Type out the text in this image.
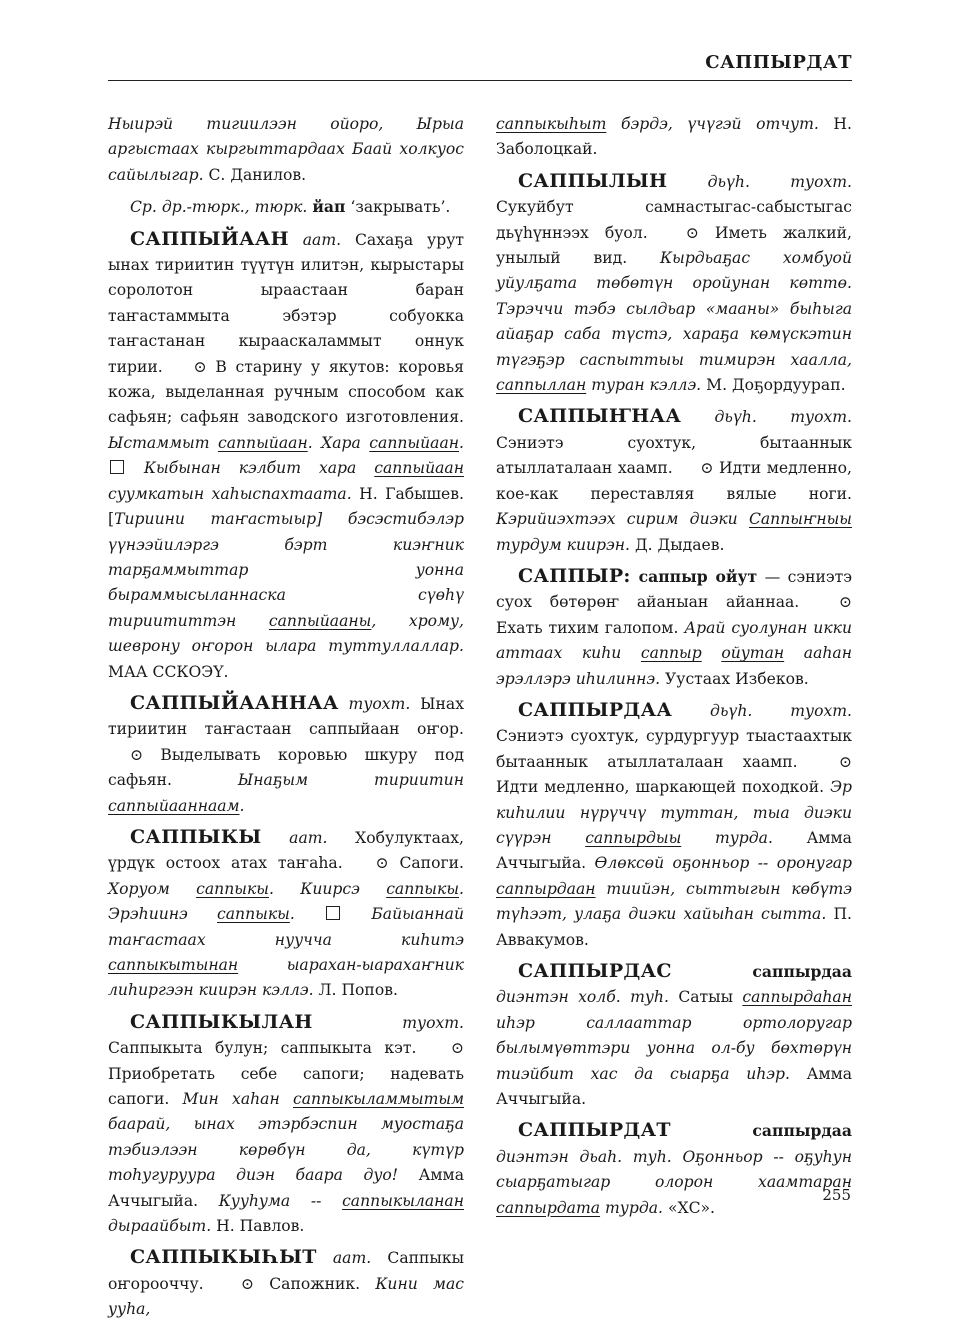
САППЫРДАТ

Ныирэй тигиилээн ойоро, Ырыа аргыстаах кыргыттардаах Баай холкуос сайылыгар. С. Данилов.

Ср. др.-тюрк., тюрк. йап ‘закрывать’.

САППЫЙААН аат. Сахаҕа урут ынах тириитин түүтүн илитэн, кырыстары соролотон ыраастаан баран таҥастаммыта эбэтэр собуокка таҥастанан кырааскаламмыт оннук тирии. ⊙ В старину у якутов: коровья кожа, выделанная ручным способом как сафьян; сафьян заводского изготовления. Ыстаммыт саппыйаан. Хара саппыйаан.  Кыбынан кэлбит хара саппыйаан суумкатын хаһыспахтаата. Н. Габышев. [Тириини таҥастыыр] бэсэстибэлэр үүнээйилэргэ бэрт киэҥник тарҕаммыттар уонна быраммысыланнаска сүөһү тириититтэн саппыйааны, хрому, шеврону оҥорон ылара туттуллаллар. МАА ССКОЭҮ.

САППЫЙААННАА туохт. Ынах тириитин таҥастаан саппыйаан оҥор. ⊙ Выделывать коровью шкуру под сафьян. Ынаҕым тириитин саппыйааннаам.

САППЫКЫ аат. Хобулуктаах, үрдүк остоох атах таҥаһа. ⊙ Сапоги. Хоруом саппыкы. Киирсэ саппыкы. Эрэһиинэ саппыкы.  Байыаннай таҥастаах нуучча киһитэ саппыкытынан ыарахан-ыарахаҥник лиһиргээн киирэн кэллэ. Л. Попов.

САППЫКЫЛАН туохт. Саппыкыта булун; саппыкыта кэт. ⊙ Приобретать себе сапоги; надевать сапоги. Мин хаһан саппыкыламмытым баарай, ынах этэрбэспин муостаҕа тэбиэлээн көрөбүн да, күтүр тоһугуруура диэн баара дуо! Амма Аччыгыйа. Кууһума -- саппыкыланан дыраайбыт. Н. Павлов.

САППЫКЫҺЫТ аат. Саппыкы оҥорооччу. ⊙ Сапожник. Кини мас ууһа,

саппыкыһыт бэрдэ, үчүгэй отчут. Н. Заболоцкай.

САППЫЛЫН дьүһ. туохт. Сукуйбут самнастыгас-сабыстыгас дьүһүннээх буол. ⊙ Иметь жалкий, унылый вид. Кырдьаҕас хомбуой уйулҕата төбөтүн оройунан көттө. Тэрэччи тэбэ сылдьар «мааны» быһыга айаҕар саба түстэ, хараҕа көмүскэтин түгэҕэр саспыттыы тимирэн хаалла, саппыллан туран кэллэ. М. Доҕордуурап.

САППЫҤНАА дьүһ. туохт. Сэниэтэ суохтук, бытааннык атыллаталаан хаамп. ⊙ Идти медленно, кое-как переставляя вялые ноги. Кэрийиэхтээх сирим диэки Саппыҥныы турдум киирэн. Д. Дыдаев.

САППЫР: саппыр ойут — сэниэтэ суох бөтөрөҥ айаныан айаннаа. ⊙ Ехать тихим галопом. Арай суолунан икки аттаах киһи саппыр ойутан ааһан эрэллэрэ иһилиннэ. Уустаах Избеков.

САППЫРДАА дьүһ. туохт. Сэниэтэ суохтук, сурдургуур тыастаахтык бытааннык атыллаталаан хаамп. ⊙ Идти медленно, шаркающей походкой. Эр киһилии нүрүччү туттан, тыа диэки сүүрэн саппырдыы турда. Амма Аччыгыйа. Өлөксөй оҕонньор -- оронугар саппырдаан тиийэн, сыттыгын көбүтэ түһээт, улаҕа диэки хайыһан сытта. П. Аввакумов.

САППЫРДАС саппырдаа диэнтэн холб. туһ. Сатыы саппырдаһан иһэр саллааттар ортолоругар былымүөттэри уонна ол-бу бөхтөрүн тиэйбит хас да сыарҕа иһэр. Амма Аччыгыйа.

САППЫРДАТ саппырдаа диэнтэн дьаһ. туһ. Оҕонньор -- оҕуһун сыарҕатыгар олорон хаамтаран саппырдата турда. «ХС».

255
